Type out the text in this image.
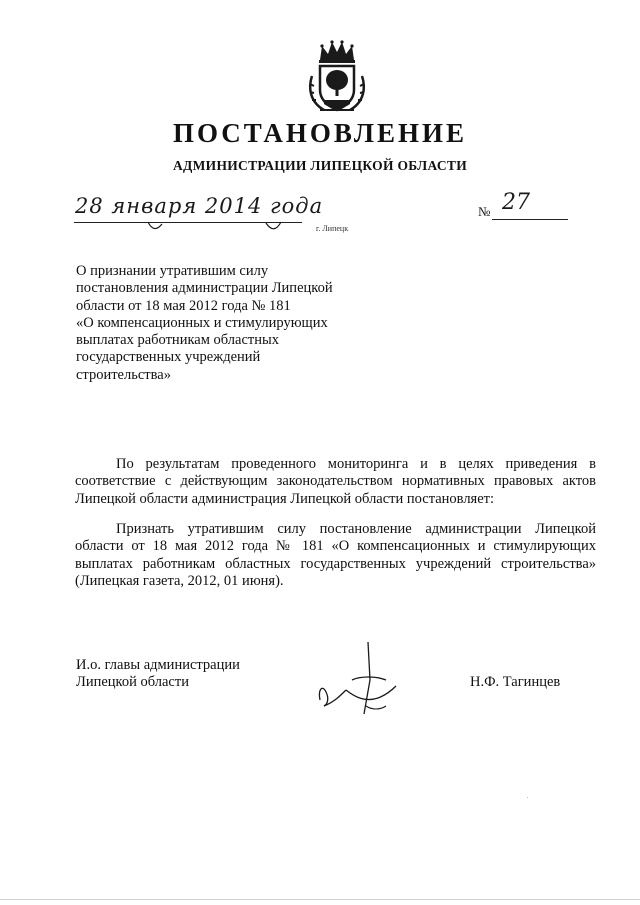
ПОСТАНОВЛЕНИЕ
АДМИНИСТРАЦИИ ЛИПЕЦКОЙ ОБЛАСТИ
28 января 2014 года
г. Липецк
№ 27
О признании утратившим силу
постановления администрации Липецкой
области от 18 мая 2012 года № 181
«О компенсационных и стимулирующих
выплатах работникам областных
государственных учреждений
строительства»

По результатам проведенного мониторинга и в целях приведения в соответствие с действующим законодательством нормативных правовых актов Липецкой области администрация Липецкой области постановляет:

Признать утратившим силу постановление администрации Липецкой области от 18 мая 2012 года № 181 «О компенсационных и стимулирующих выплатах работникам областных государственных учреждений строительства» (Липецкая газета, 2012, 01 июня).

И.о. главы администрации
Липецкой области	Н.Ф. Тагинцев
